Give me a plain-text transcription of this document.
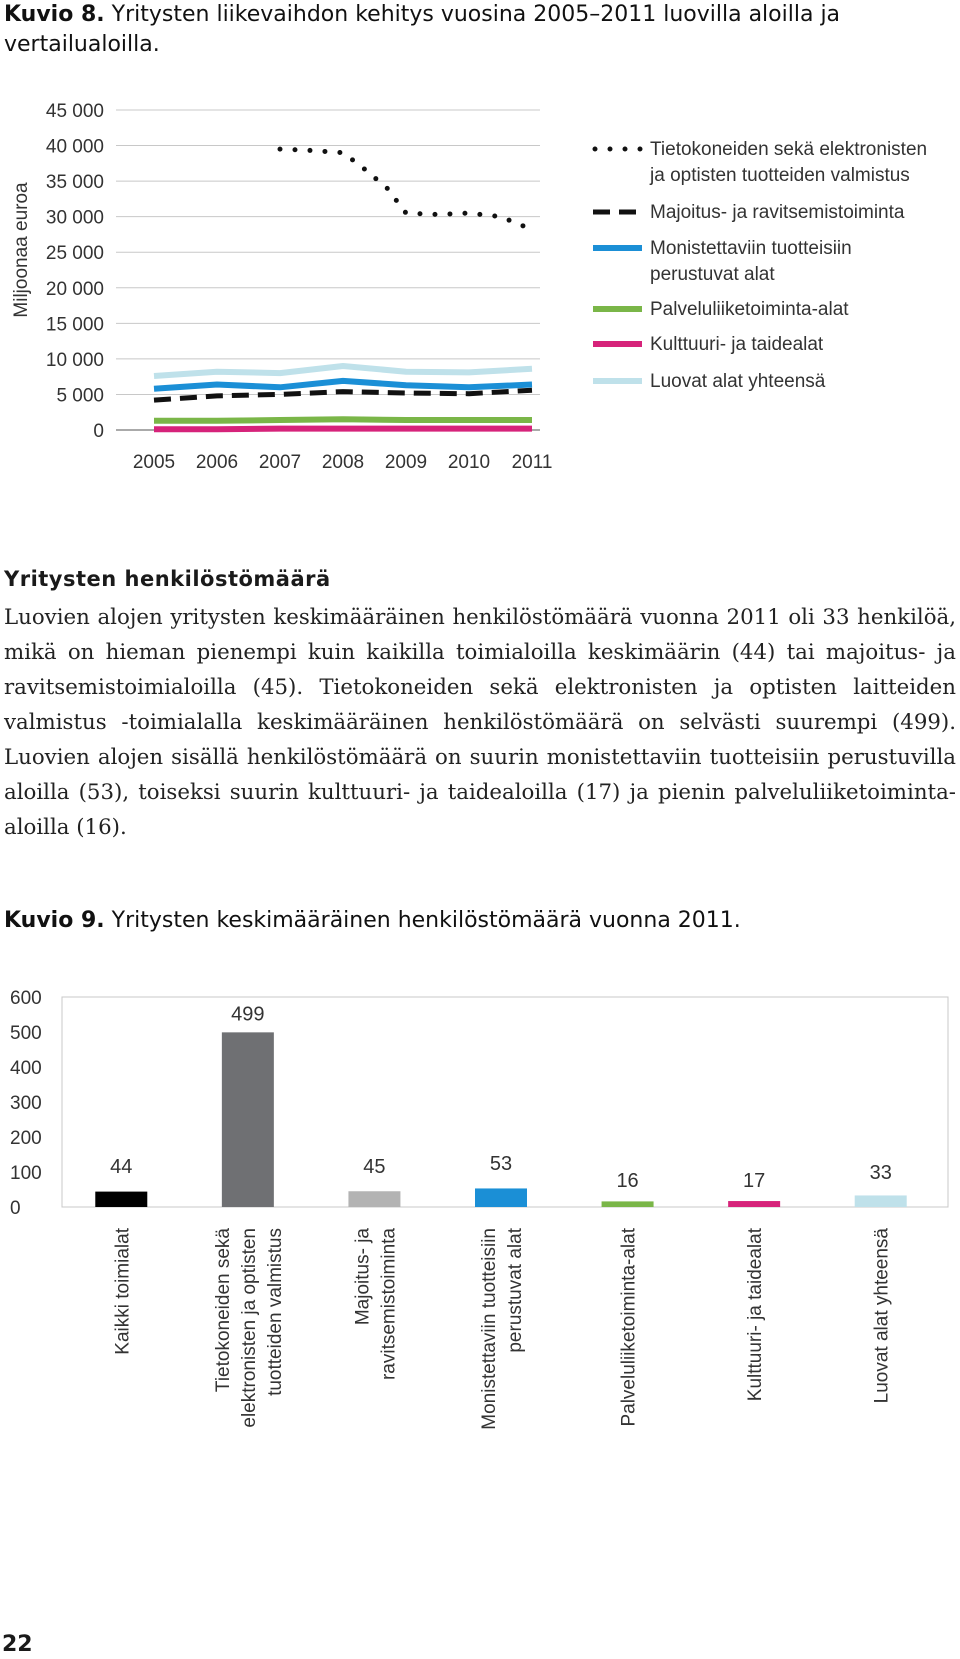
Kuvio 8. Yritysten liikevaihdon kehitys vuosina 2005–2011 luovilla aloilla ja vertailualoilla.
0
5 000
10 000
15 000
20 000
25 000
30 000
35 000
40 000
45 000
2005 2006 2007 2008 2009 2010 2011
Miljoonaa euroa
Tietokoneiden sekä elektronisten
ja optisten tuotteiden valmistus
Majoitus- ja ravitsemistoiminta
Monistettaviin tuotteisiin
perustuvat alat
Palveluliiketoiminta-alat
Kulttuuri- ja taidealat
Luovat alat yhteensä
Yritysten henkilöstömäärä
Luovien alojen yritysten keskimääräinen henkilöstömäärä vuonna 2011 oli 33 henkilöä, mikä on hieman pienempi kuin kaikilla toimialoilla keskimäärin (44) tai majoitus- ja ravitsemistoimialoilla (45). Tietokoneiden sekä elektronisten ja optisten laitteiden valmistus -toimialalla keskimääräinen henkilöstömäärä on selvästi suurempi (499). Luovien alojen sisällä henkilöstömäärä on suurin monistettaviin tuotteisiin perustuvilla aloilla (53), toiseksi suurin kulttuuri- ja taidealoilla (17) ja pienin palveluliiketoiminta-aloilla (16).
Kuvio 9. Yritysten keskimääräinen henkilöstömäärä vuonna 2011.
0
100
200
300
400
500
600
44
Kaikki toimialat
499
Tietokoneiden sekä elektronisten ja optisten tuotteiden valmistus
45
Majoitus- ja ravitsemistoiminta
53
Monistettaviin tuotteisiin perustuvat alat
16
Palveluliiketoiminta-alat
17
Kulttuuri- ja taidealat
33
Luovat alat yhteensä
22
